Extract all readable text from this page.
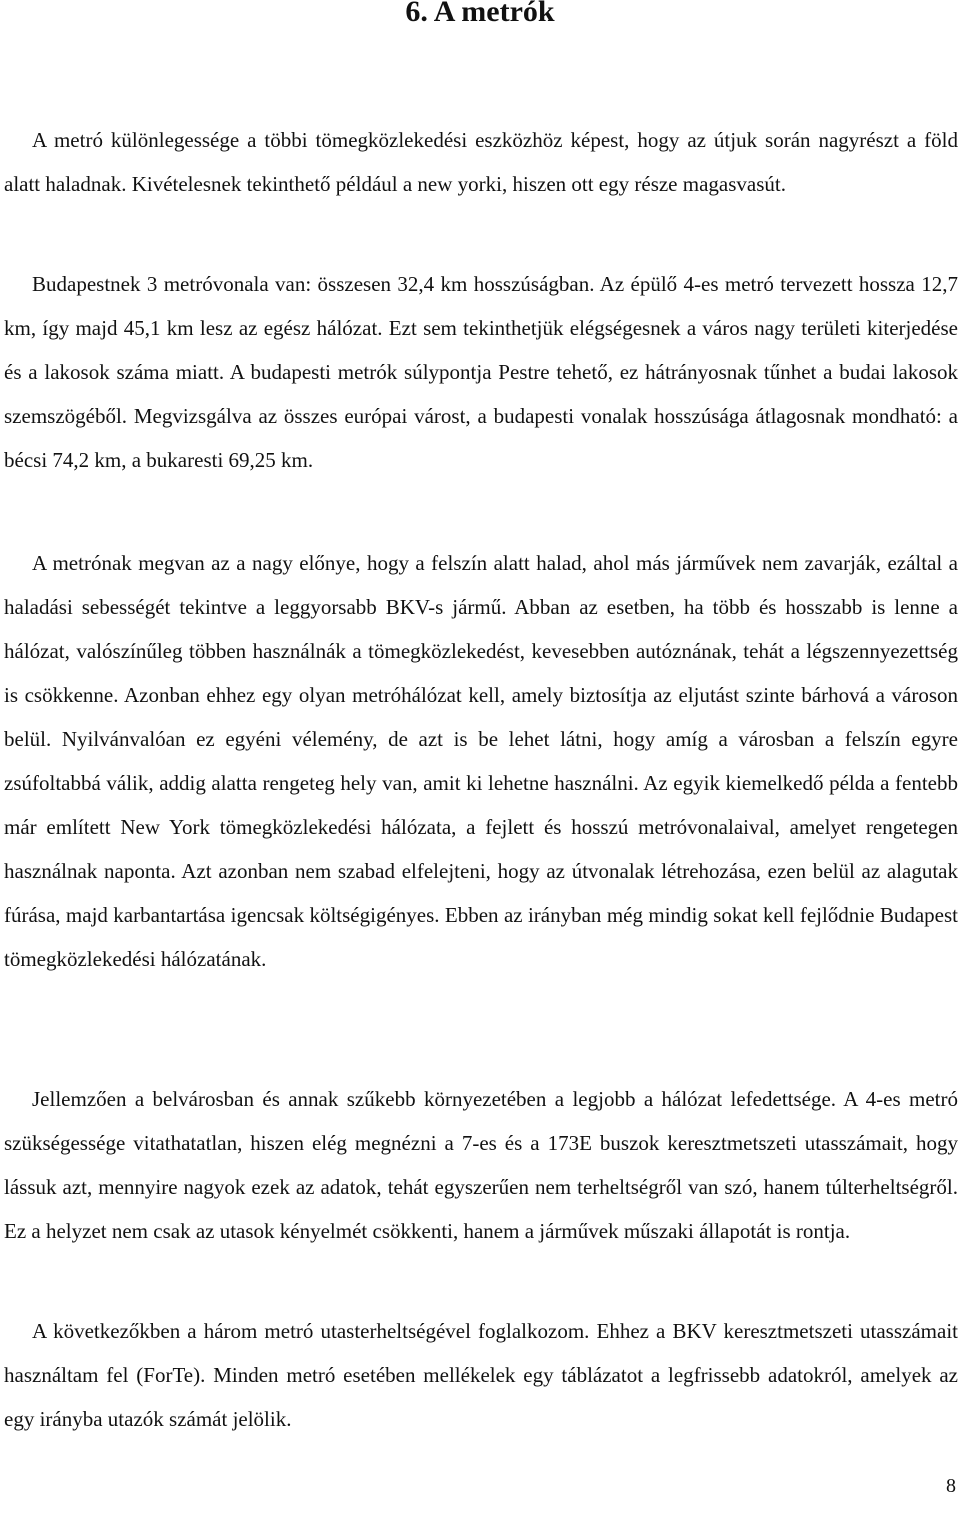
6. A metrók

A metró különlegessége a többi tömegközlekedési eszközhöz képest, hogy az útjuk során nagyrészt a föld alatt haladnak. Kivételesnek tekinthető például a new yorki, hiszen ott egy része magasvasút.

Budapestnek 3 metróvonala van: összesen 32,4 km hosszúságban. Az épülő 4-es metró tervezett hossza 12,7 km, így majd 45,1 km lesz az egész hálózat. Ezt sem tekinthetjük elégségesnek a város nagy területi kiterjedése és a lakosok száma miatt. A budapesti metrók súlypontja Pestre tehető, ez hátrányosnak tűnhet a budai lakosok szemszögéből. Megvizsgálva az összes európai várost, a budapesti vonalak hosszúsága átlagosnak mondható: a bécsi 74,2 km, a bukaresti 69,25 km.

A metrónak megvan az a nagy előnye, hogy a felszín alatt halad, ahol más járművek nem zavarják, ezáltal a haladási sebességét tekintve a leggyorsabb BKV-s jármű. Abban az esetben, ha több és hosszabb is lenne a hálózat, valószínűleg többen használnák a tömegközlekedést, kevesebben autóznának, tehát a légszennyezettség is csökkenne. Azonban ehhez egy olyan metróhálózat kell, amely biztosítja az eljutást szinte bárhová a városon belül. Nyilvánvalóan ez egyéni vélemény, de azt is be lehet látni, hogy amíg a városban a felszín egyre zsúfoltabbá válik, addig alatta rengeteg hely van, amit ki lehetne használni. Az egyik kiemelkedő példa a fentebb már említett New York tömegközlekedési hálózata, a fejlett és hosszú metróvonalaival, amelyet rengetegen használnak naponta. Azt azonban nem szabad elfelejteni, hogy az útvonalak létrehozása, ezen belül az alagutak fúrása, majd karbantartása igencsak költségigényes. Ebben az irányban még mindig sokat kell fejlődnie Budapest tömegközlekedési hálózatának.

Jellemzően a belvárosban és annak szűkebb környezetében a legjobb a hálózat lefedettsége. A 4-es metró szükségessége vitathatatlan, hiszen elég megnézni a 7-es és a 173E buszok keresztmetszeti utasszámait, hogy lássuk azt, mennyire nagyok ezek az adatok, tehát egyszerűen nem terheltségről van szó, hanem túlterheltségről. Ez a helyzet nem csak az utasok kényelmét csökkenti, hanem a járművek műszaki állapotát is rontja.

A következőkben a három metró utasterheltségével foglalkozom. Ehhez a BKV keresztmetszeti utasszámait használtam fel (ForTe). Minden metró esetében mellékelek egy táblázatot a legfrissebb adatokról, amelyek az egy irányba utazók számát jelölik.

8
